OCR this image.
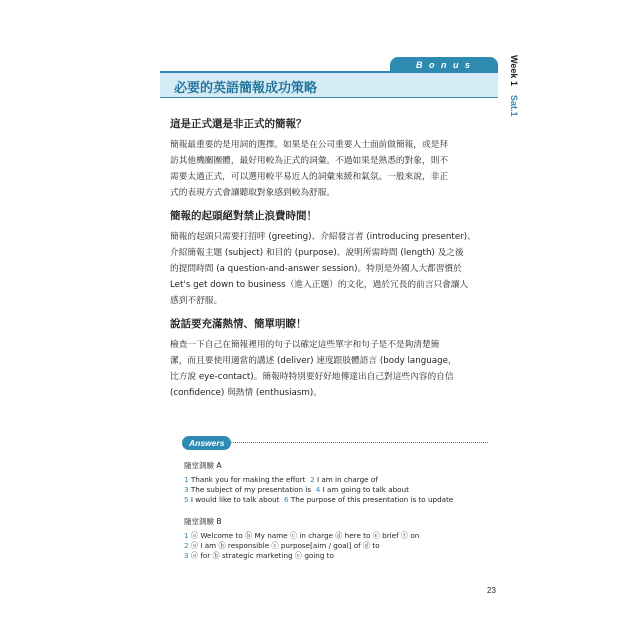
B o n u s
必要的英語簡報成功策略
Week 1
Sat.1
這是正式還是非正式的簡報？

簡報最重要的是用詞的選擇。如果是在公司重要人士面前做簡報，或是拜
訪其他機關團體，最好用較為正式的詞彙。不過如果是熟悉的對象，則不
需要太過正式，可以選用較平易近人的詞彙來緩和氣氛。一般來說，非正
式的表現方式會讓聽取對象感到較為舒服。

簡報的起頭絕對禁止浪費時間！

簡報的起頭只需要打招呼 (greeting)、介紹發言者 (introducing presenter)、
介紹簡報主題 (subject) 和目的 (purpose)、說明所需時間 (length) 及之後
的提問時間 (a question-and-answer session)。特別是外國人大都習慣於
Let's get down to business（進入正題）的文化，過於冗長的前言只會讓人
感到不舒服。

說話要充滿熱情、簡單明瞭！

檢查一下自己在簡報裡用的句子以確定這些單字和句子是不是夠清楚簡
潔，而且要使用適當的講述 (deliver) 速度跟肢體語言 (body language，
比方說 eye-contact)。簡報時特別要好好地傳達出自己對這些內容的自信
(confidence) 與熱情 (enthusiasm)。

Answers
隨堂測驗 A
1 Thank you for making the effort 2 I am in charge of
3 The subject of my presentation is 4 I am going to talk about
5 I would like to talk about 6 The purpose of this presentation is to update
隨堂測驗 B
1 ⓐ Welcome to ⓑ My name ⓒ in charge ⓓ here to ⓔ brief ⓕ on
2 ⓐ I am ⓑ responsible ⓒ purpose[aim / goal] of ⓓ to
3 ⓐ for ⓑ strategic marketing ⓒ going to
23
